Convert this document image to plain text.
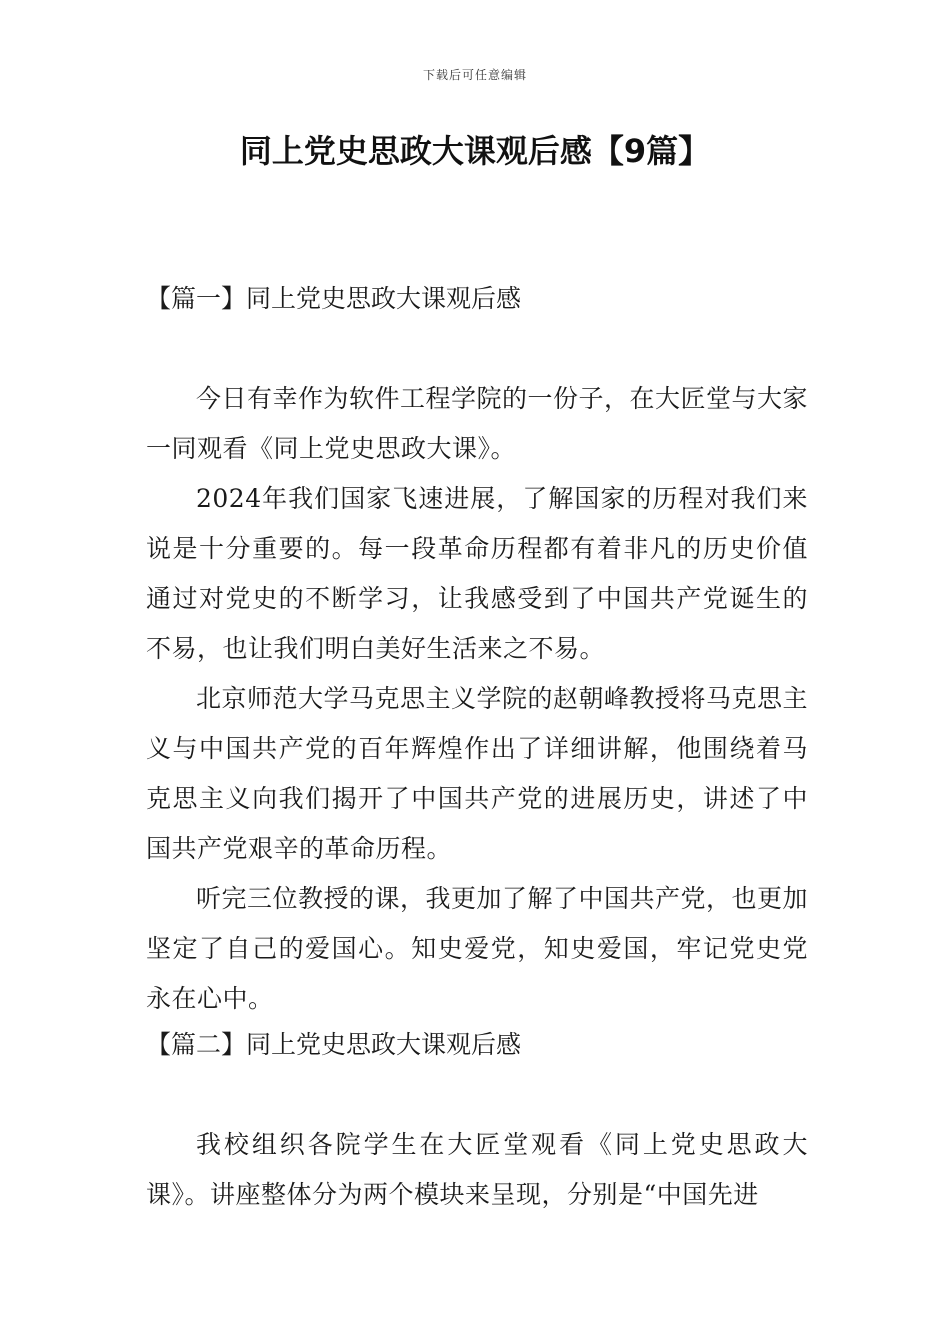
下载后可任意编辑
同上党史思政大课观后感【9篇】
【篇一】同上党史思政大课观后感

今日有幸作为软件工程学院的一份子，在大匠堂与大家一同观看《同上党史思政大课》。

2024年我们国家飞速进展，了解国家的历程对我们来说是十分重要的。每一段革命历程都有着非凡的历史价值通过对党史的不断学习，让我感受到了中国共产党诞生的不易，也让我们明白美好生活来之不易。

北京师范大学马克思主义学院的赵朝峰教授将马克思主义与中国共产党的百年辉煌作出了详细讲解，他围绕着马克思主义向我们揭开了中国共产党的进展历史，讲述了中国共产党艰辛的革命历程。

听完三位教授的课，我更加了解了中国共产党，也更加坚定了自己的爱国心。知史爱党，知史爱国，牢记党史党永在心中。

【篇二】同上党史思政大课观后感

我校组织各院学生在大匠堂观看《同上党史思政大课》。讲座整体分为两个模块来呈现，分别是“中国先进
